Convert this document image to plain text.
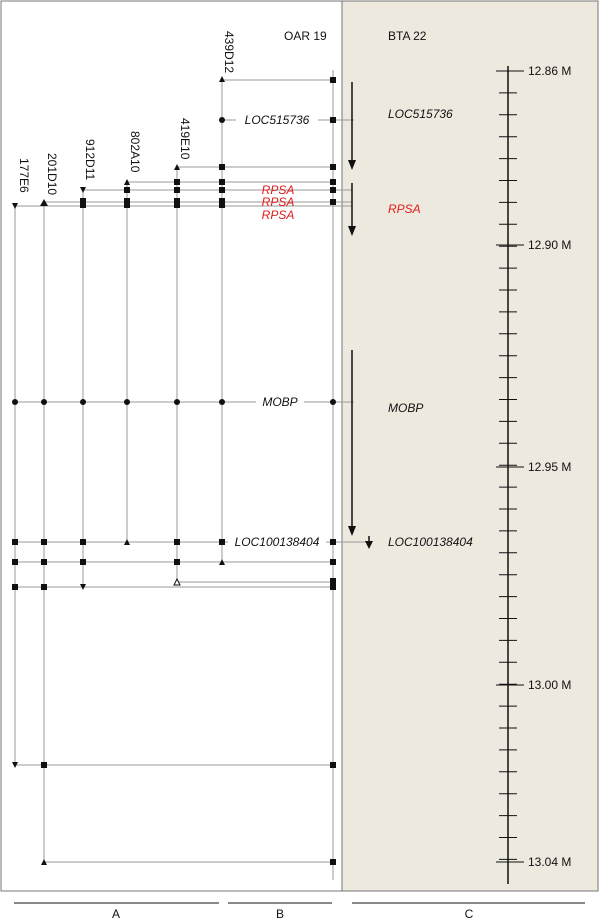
OAR 19	BTA 22
177E6 201D10 912D11	802A10	419E10
439D12
LOC515736
RPSA
RPSA
RPSA
MOBP
LOC100138404
LOC515736
RPSA
MOBP
LOC100138404
12.86 M
12.90 M
12.95 M
13.00 M
13.04 M
A	B	C
